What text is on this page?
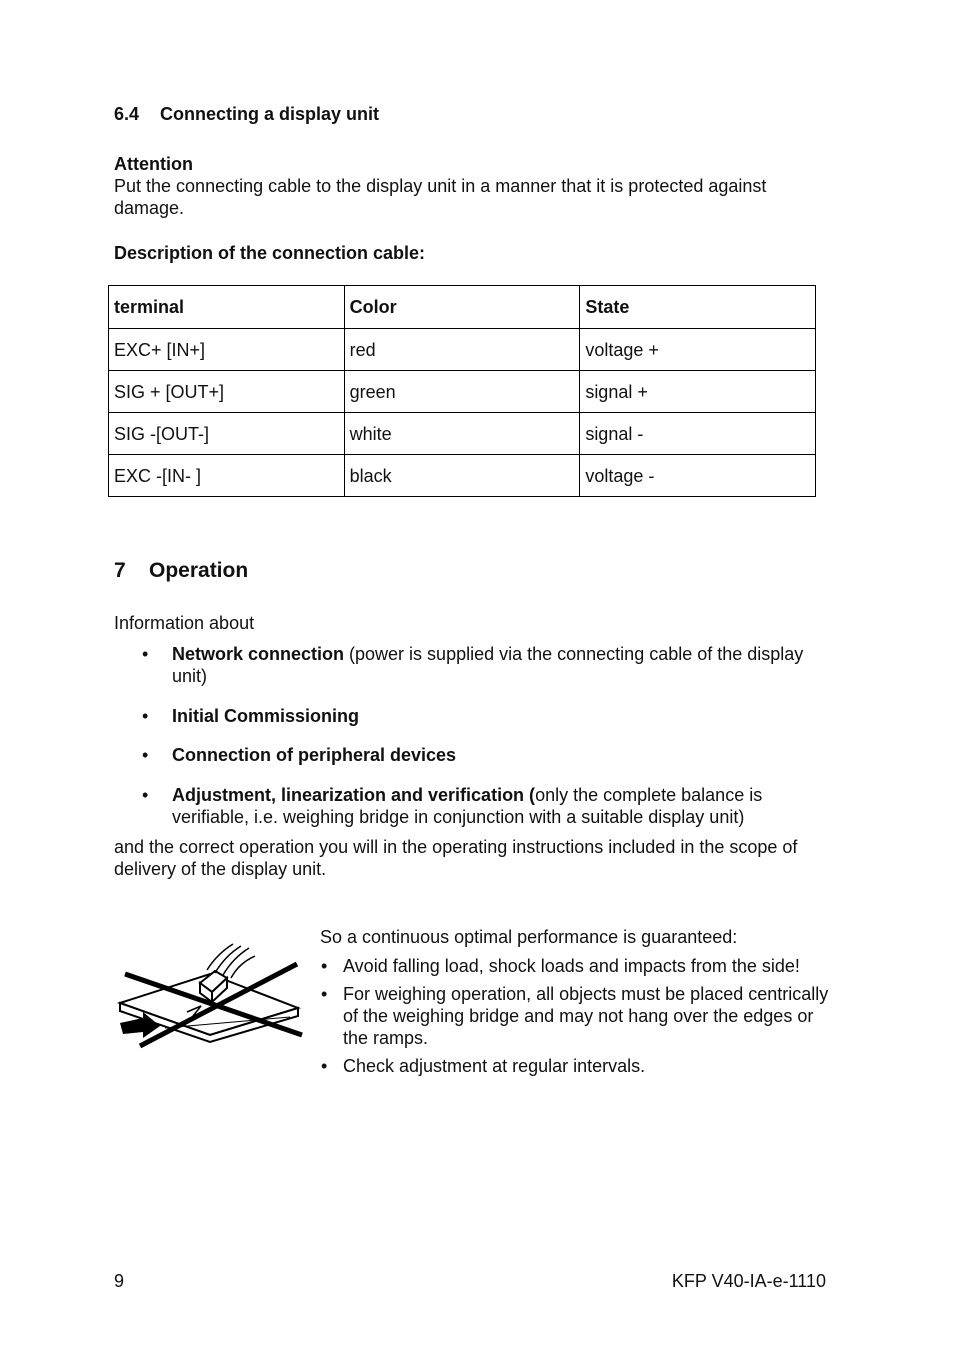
6.4 Connecting a display unit
Attention
Put the connecting cable to the display unit in a manner that it is protected against damage.
Description of the connection cable:
terminal	Color	State
EXC+ [IN+]	red	voltage +
SIG + [OUT+]	green	signal +
SIG -[OUT-]	white	signal -
EXC -[IN- ]	black	voltage -
7 Operation
Information about
• Network connection (power is supplied via the connecting cable of the display unit)
• Initial Commissioning
• Connection of peripheral devices
• Adjustment, linearization and verification (only the complete balance is verifiable, i.e. weighing bridge in conjunction with a suitable display unit)
and the correct operation you will in the operating instructions included in the scope of delivery of the display unit.
So a continuous optimal performance is guaranteed:
• Avoid falling load, shock loads and impacts from the side!
• For weighing operation, all objects must be placed centrically of the weighing bridge and may not hang over the edges or the ramps.
• Check adjustment at regular intervals.
9	KFP V40-IA-e-1110
